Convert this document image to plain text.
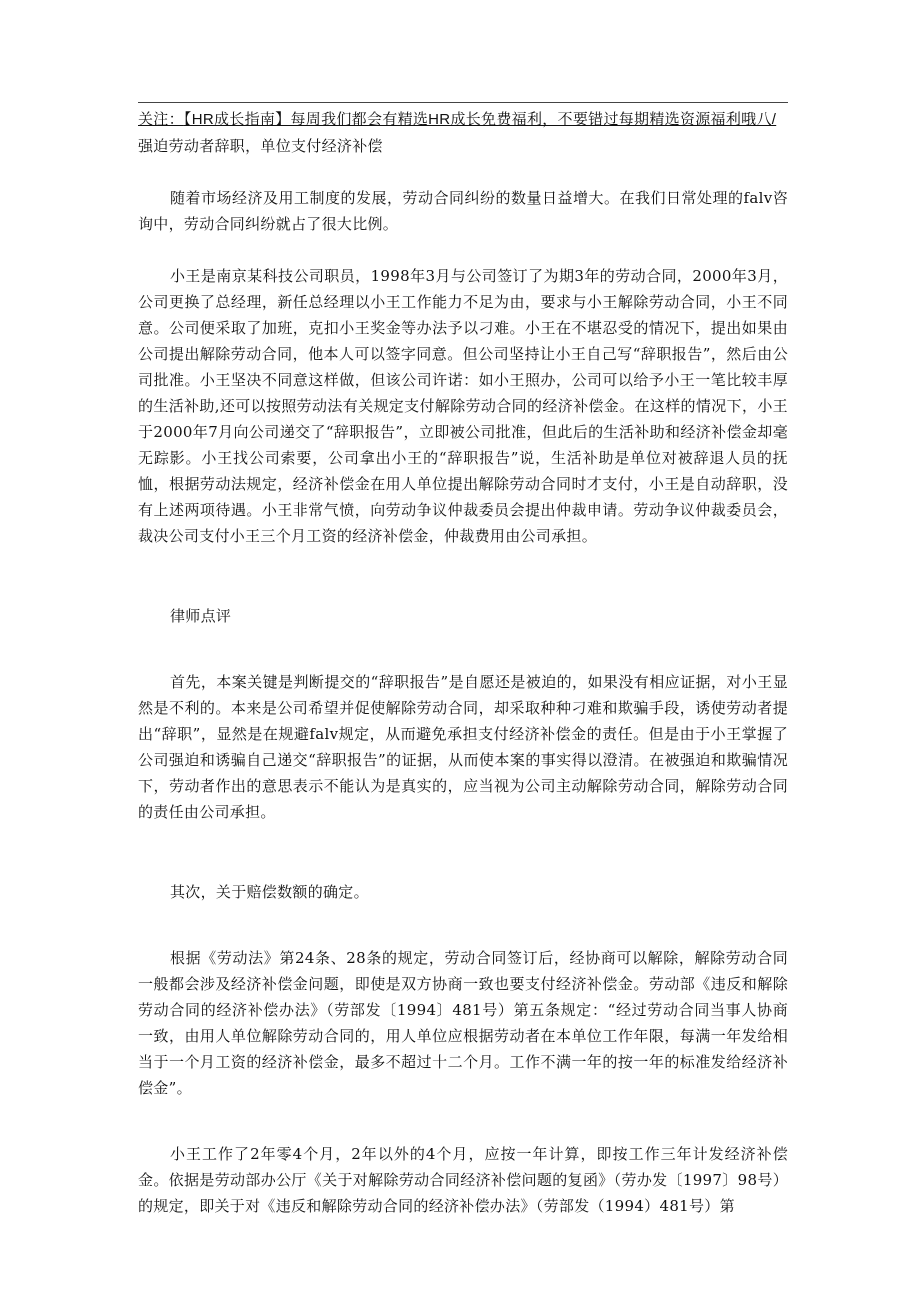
关注：【HR成长指南】每周我们都会有精选HR成长免费福利，不要错过每期精选资源福利哦八/强迫劳动者辞职，单位支付经济补偿

随着市场经济及用工制度的发展，劳动合同纠纷的数量日益增大。在我们日常处理的falv咨询中，劳动合同纠纷就占了很大比例。

小王是南京某科技公司职员，1998年3月与公司签订了为期3年的劳动合同，2000年3月，公司更换了总经理，新任总经理以小王工作能力不足为由，要求与小王解除劳动合同，小王不同意。公司便采取了加班，克扣小王奖金等办法予以刁难。小王在不堪忍受的情况下，提出如果由公司提出解除劳动合同，他本人可以签字同意。但公司坚持让小王自己写“辞职报告”，然后由公司批准。小王坚决不同意这样做，但该公司许诺：如小王照办，公司可以给予小王一笔比较丰厚的生活补助,还可以按照劳动法有关规定支付解除劳动合同的经济补偿金。在这样的情况下，小王于2000年7月向公司递交了“辞职报告”，立即被公司批准，但此后的生活补助和经济补偿金却毫无踪影。小王找公司索要，公司拿出小王的“辞职报告”说，生活补助是单位对被辞退人员的抚恤，根据劳动法规定，经济补偿金在用人单位提出解除劳动合同时才支付，小王是自动辞职，没有上述两项待遇。小王非常气愤，向劳动争议仲裁委员会提出仲裁申请。劳动争议仲裁委员会，裁决公司支付小王三个月工资的经济补偿金，仲裁费用由公司承担。

律师点评

首先，本案关键是判断提交的“辞职报告”是自愿还是被迫的，如果没有相应证据，对小王显然是不利的。本来是公司希望并促使解除劳动合同，却采取种种刁难和欺骗手段，诱使劳动者提出“辞职”，显然是在规避falv规定，从而避免承担支付经济补偿金的责任。但是由于小王掌握了公司强迫和诱骗自己递交“辞职报告”的证据，从而使本案的事实得以澄清。在被强迫和欺骗情况下，劳动者作出的意思表示不能认为是真实的，应当视为公司主动解除劳动合同，解除劳动合同的责任由公司承担。

其次，关于赔偿数额的确定。

根据《劳动法》第24条、28条的规定，劳动合同签订后，经协商可以解除，解除劳动合同一般都会涉及经济补偿金问题，即使是双方协商一致也要支付经济补偿金。劳动部《违反和解除劳动合同的经济补偿办法》（劳部发〔1994〕481号）第五条规定：“经过劳动合同当事人协商一致，由用人单位解除劳动合同的，用人单位应根据劳动者在本单位工作年限，每满一年发给相当于一个月工资的经济补偿金，最多不超过十二个月。工作不满一年的按一年的标准发给经济补偿金”。

小王工作了2年零4个月，2年以外的4个月，应按一年计算，即按工作三年计发经济补偿金。依据是劳动部办公厅《关于对解除劳动合同经济补偿问题的复函》（劳办发〔1997〕98号）的规定，即关于对《违反和解除劳动合同的经济补偿办法》（劳部发（1994）481号）第
